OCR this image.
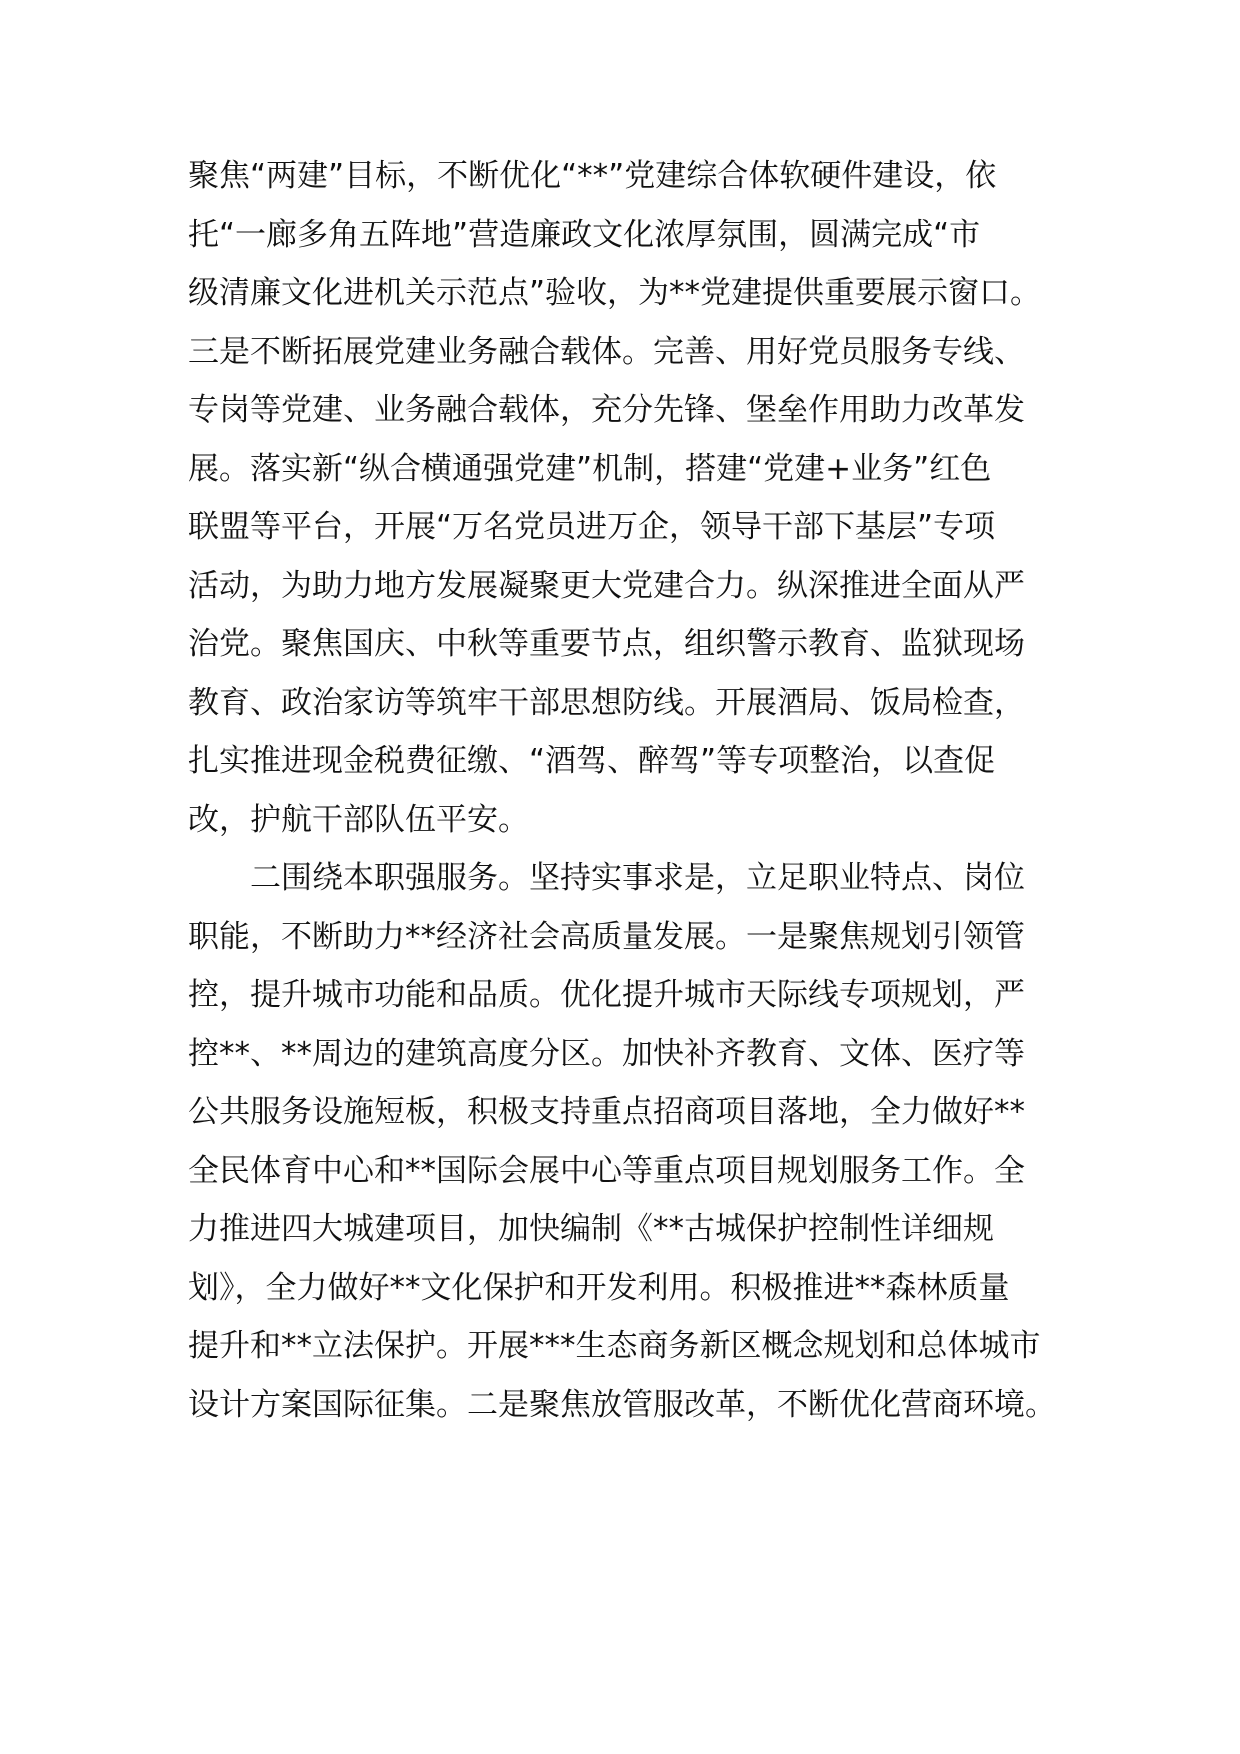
聚焦“两建”目标，不断优化“**”党建综合体软硬件建设，依
托“一廊多角五阵地”营造廉政文化浓厚氛围，圆满完成“市
级清廉文化进机关示范点”验收，为**党建提供重要展示窗口。
三是不断拓展党建业务融合载体。完善、用好党员服务专线、
专岗等党建、业务融合载体，充分先锋、堡垒作用助力改革发
展。落实新“纵合横通强党建”机制，搭建“党建+业务”红色
联盟等平台，开展“万名党员进万企，领导干部下基层”专项
活动，为助力地方发展凝聚更大党建合力。纵深推进全面从严
治党。聚焦国庆、中秋等重要节点，组织警示教育、监狱现场
教育、政治家访等筑牢干部思想防线。开展酒局、饭局检查，
扎实推进现金税费征缴、“酒驾、醉驾”等专项整治，以查促
改，护航干部队伍平安。
二围绕本职强服务。坚持实事求是，立足职业特点、岗位
职能，不断助力**经济社会高质量发展。一是聚焦规划引领管
控，提升城市功能和品质。优化提升城市天际线专项规划，严
控**、**周边的建筑高度分区。加快补齐教育、文体、医疗等
公共服务设施短板，积极支持重点招商项目落地，全力做好**
全民体育中心和**国际会展中心等重点项目规划服务工作。全
力推进四大城建项目，加快编制《**古城保护控制性详细规
划》，全力做好**文化保护和开发利用。积极推进**森林质量
提升和**立法保护。开展***生态商务新区概念规划和总体城市
设计方案国际征集。二是聚焦放管服改革，不断优化营商环境。
